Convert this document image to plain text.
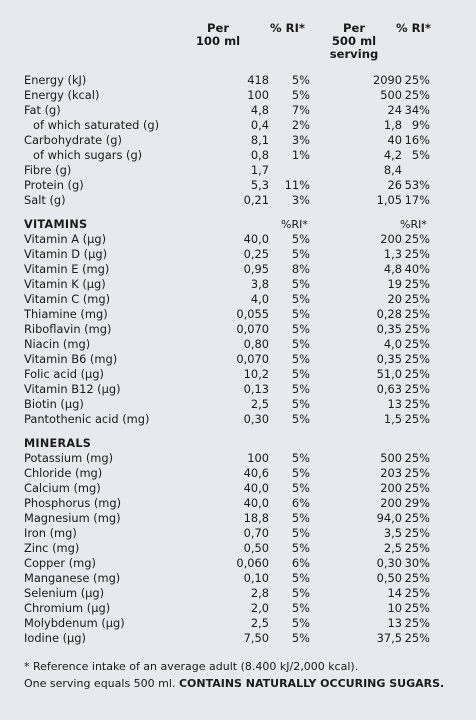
Per
100 ml
% RI*	Per
500 ml
serving
% RI*
Energy (kJ)	418 5%	2090 25%
Energy (kcal)	100 5%	500 25%
Fat (g)	4,8 7%	24 34%
of which saturated (g)	0,4 2%	1,8 9%
Carbohydrate (g)	8,1 3%	40 16%
of which sugars (g)	0,8 1%	4,2 5%
Fibre (g)	1,7	8,4
Protein (g)	5,3 11%	26 53%
Salt (g)	0,21 3%	1,05 17%
VITAMINS	%RI*	%RI*
Vitamin A (µg)	40,0 5%	200 25%
Vitamin D (µg)	0,25 5%	1,3 25%
Vitamin E (mg)	0,95 8%	4,8 40%
Vitamin K (µg)	3,8 5%	19 25%
Vitamin C (mg)	4,0 5%	20 25%
Thiamine (mg)	0,055 5%	0,28 25%
Riboflavin (mg)	0,070 5%	0,35 25%
Niacin (mg)	0,80 5%	4,0 25%
Vitamin B6 (mg)	0,070 5%	0,35 25%
Folic acid (µg)	10,2 5%	51,0 25%
Vitamin B12 (µg)	0,13 5%	0,63 25%
Biotin (µg)	2,5 5%	13 25%
Pantothenic acid (mg)	0,30 5%	1,5 25%
MINERALS
Potassium (mg)	100 5%	500 25%
Chloride (mg)	40,6 5%	203 25%
Calcium (mg)	40,0 5%	200 25%
Phosphorus (mg)	40,0 6%	200 29%
Magnesium (mg)	18,8 5%	94,0 25%
Iron (mg)	0,70 5%	3,5 25%
Zinc (mg)	0,50 5%	2,5 25%
Copper (mg)	0,060 6%	0,30 30%
Manganese (mg)	0,10 5%	0,50 25%
Selenium (µg)	2,8 5%	14 25%
Chromium (µg)	2,0 5%	10 25%
Molybdenum (µg)	2,5 5%	13 25%
Iodine (µg)	7,50 5%	37,5 25%
* Reference intake of an average adult (8.400 kJ/2,000 kcal).
One serving equals 500 ml. CONTAINS NATURALLY OCCURING SUGARS.
